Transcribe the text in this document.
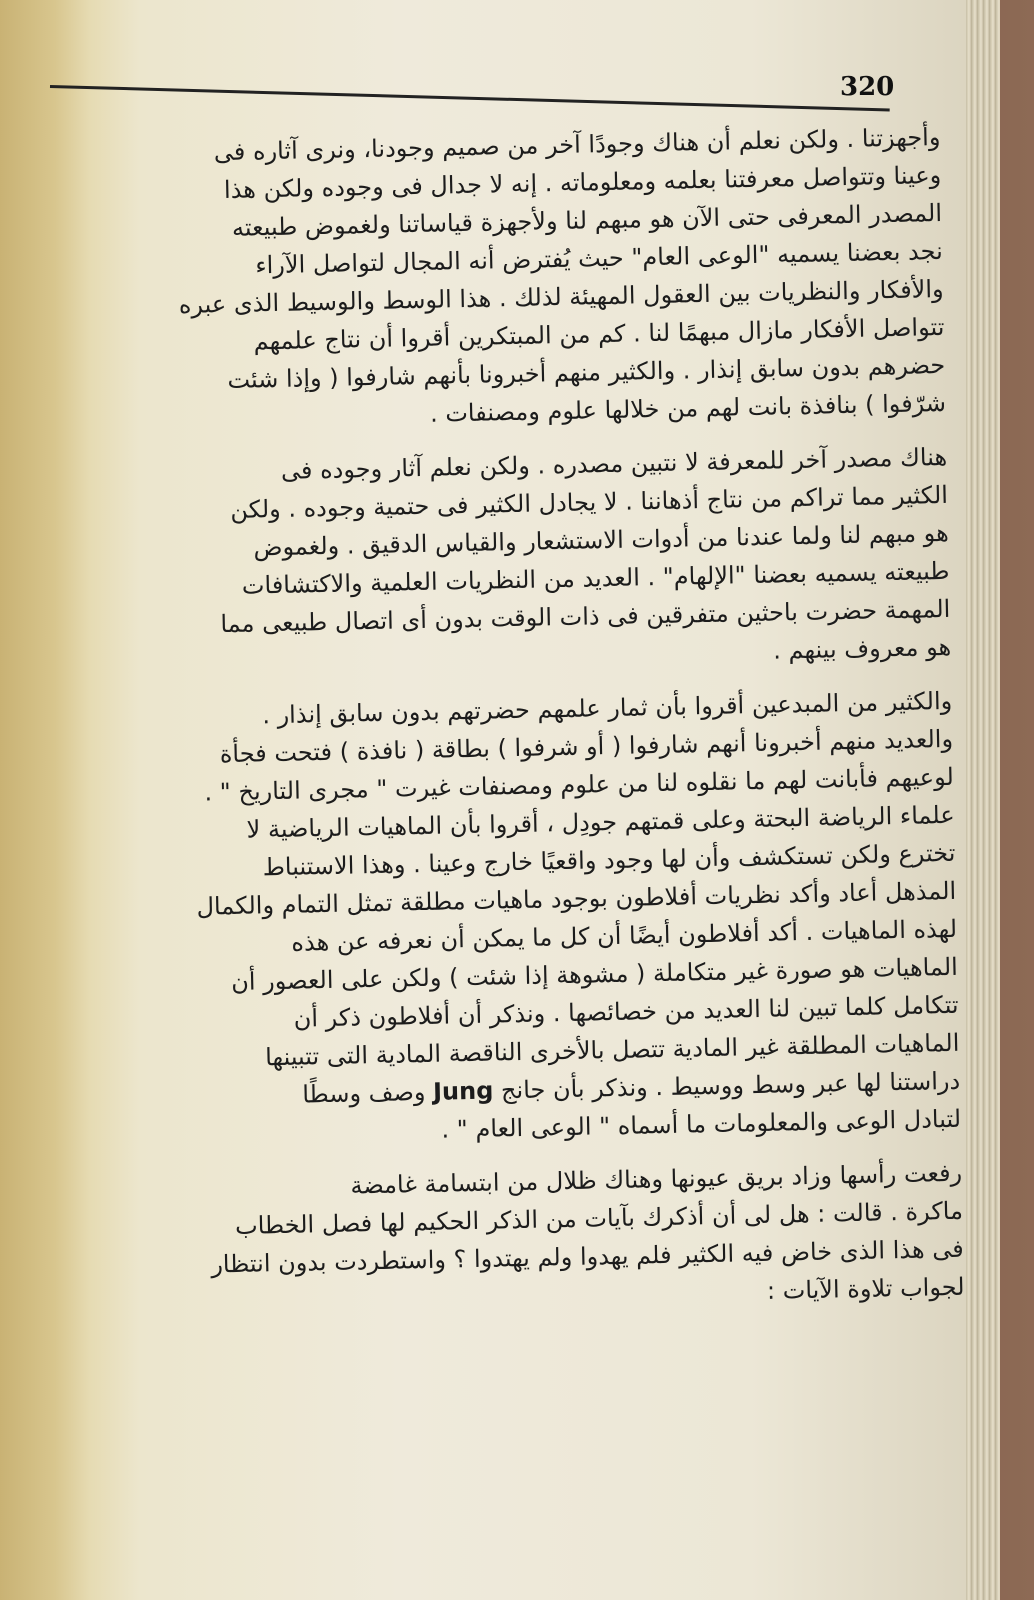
320

وأجهزتنا . ولكن نعلم أن هناك وجودًا آخر من صميم وجودنا، ونرى آثاره فى
وعينا وتتواصل معرفتنا بعلمه ومعلوماته . إنه لا جدال فى وجوده ولكن هذا
المصدر المعرفى حتى الآن هو مبهم لنا ولأجهزة قياساتنا ولغموض طبيعته
نجد بعضنا يسميه "الوعى العام" حيث يُفترض أنه المجال لتواصل الآراء
والأفكار والنظريات بين العقول المهيئة لذلك . هذا الوسط والوسيط الذى عبره
تتواصل الأفكار مازال مبهمًا لنا . كم من المبتكرين أقروا أن نتاج علمهم
حضرهم بدون سابق إنذار . والكثير منهم أخبرونا بأنهم شارفوا ( وإذا شئت
شرّفوا ) بنافذة بانت لهم من خلالها علوم ومصنفات .

هناك مصدر آخر للمعرفة لا نتبين مصدره . ولكن نعلم آثار وجوده فى
الكثير مما تراكم من نتاج أذهاننا . لا يجادل الكثير فى حتمية وجوده . ولكن
هو مبهم لنا ولما عندنا من أدوات الاستشعار والقياس الدقيق . ولغموض
طبيعته يسميه بعضنا "الإلهام" . العديد من النظريات العلمية والاكتشافات
المهمة حضرت باحثين متفرقين فى ذات الوقت بدون أى اتصال طبيعى مما
هو معروف بينهم .

والكثير من المبدعين أقروا بأن ثمار علمهم حضرتهم بدون سابق إنذار .
والعديد منهم أخبرونا أنهم شارفوا ( أو شرفوا ) بطاقة ( نافذة ) فتحت فجأة
لوعيهم فأبانت لهم ما نقلوه لنا من علوم ومصنفات غيرت " مجرى التاريخ " .
علماء الرياضة البحتة وعلى قمتهم جودِل ، أقروا بأن الماهيات الرياضية لا
تخترع ولكن تستكشف وأن لها وجود واقعيًا خارج وعينا . وهذا الاستنباط
المذهل أعاد وأكد نظريات أفلاطون بوجود ماهيات مطلقة تمثل التمام والكمال
لهذه الماهيات . أكد أفلاطون أيضًا أن كل ما يمكن أن نعرفه عن هذه
الماهيات هو صورة غير متكاملة ( مشوهة إذا شئت ) ولكن على العصور أن
تتكامل كلما تبين لنا العديد من خصائصها . ونذكر أن أفلاطون ذكر أن
الماهيات المطلقة غير المادية تتصل بالأخرى الناقصة المادية التى تتبينها
دراستنا لها عبر وسط ووسيط . ونذكر بأن جانج Jung وصف وسطًا
لتبادل الوعى والمعلومات ما أسماه " الوعى العام " .

رفعت رأسها وزاد بريق عيونها وهناك ظلال من ابتسامة غامضة
ماكرة . قالت : هل لى أن أذكرك بآيات من الذكر الحكيم لها فصل الخطاب
فى هذا الذى خاض فيه الكثير فلم يهدوا ولم يهتدوا ؟ واستطردت بدون انتظار
لجواب تلاوة الآيات :
